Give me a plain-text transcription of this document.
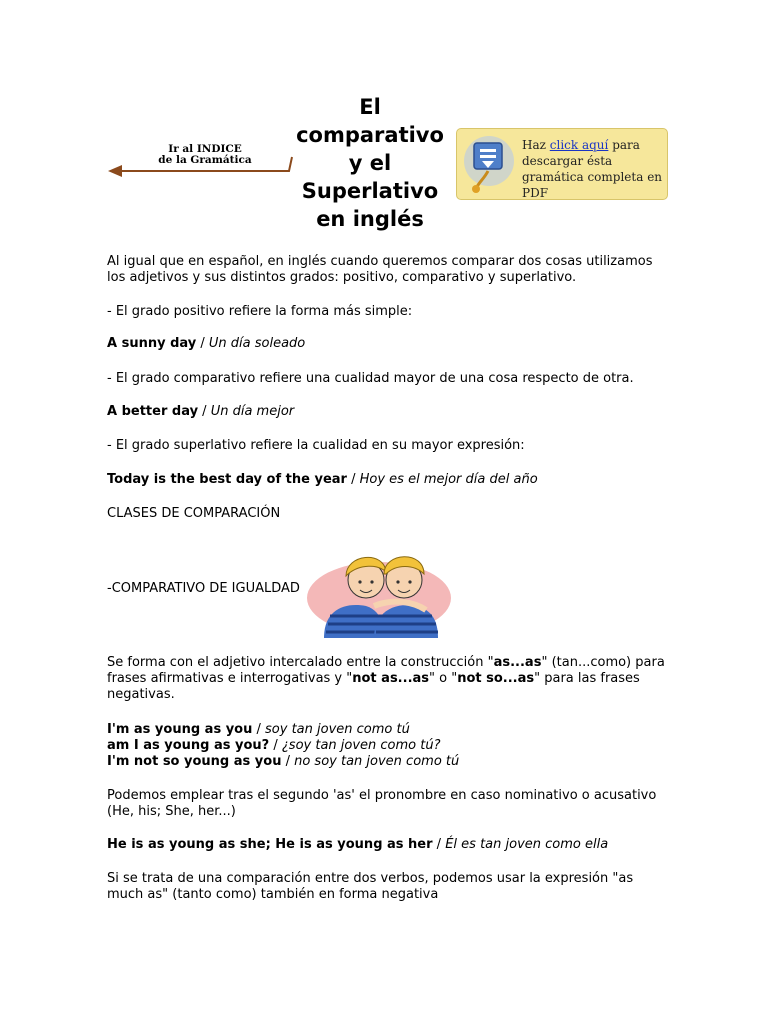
El comparativo y el Superlativo en inglés
Ir al INDICE
de la Gramática
Haz click aquí para descargar ésta gramática completa en PDF
Al igual que en español, en inglés cuando queremos comparar dos cosas utilizamos los adjetivos y sus distintos grados: positivo, comparativo y superlativo.
- El grado positivo refiere la forma más simple:
A sunny day / Un día soleado
- El grado comparativo refiere una cualidad mayor de una cosa respecto de otra.
A better day / Un día mejor
- El grado superlativo refiere la cualidad en su mayor expresión:
Today is the best day of the year / Hoy es el mejor día del año
CLASES DE COMPARACIÓN
-COMPARATIVO DE IGUALDAD
Se forma con el adjetivo intercalado entre la construcción "as...as" (tan...como) para frases afirmativas e interrogativas y "not as...as" o "not so...as" para las frases negativas.
I'm as young as you / soy tan joven como tú
am I as young as you? / ¿soy tan joven como tú?
I'm not so young as you / no soy tan joven como tú
Podemos emplear tras el segundo 'as' el pronombre en caso nominativo o acusativo (He, his; She, her...)
He is as young as she; He is as young as her / Él es tan joven como ella
Si se trata de una comparación entre dos verbos, podemos usar la expresión "as much as" (tanto como) también en forma negativa
